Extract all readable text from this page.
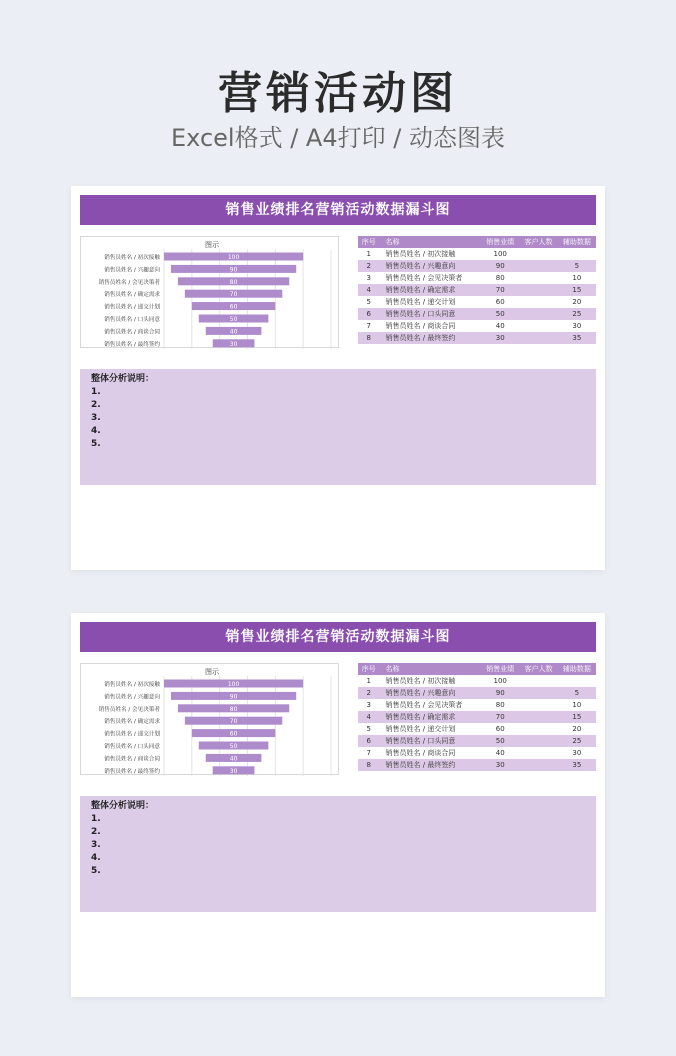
营销活动图
Excel格式 / A4打印 / 动态图表
销售业绩排名营销活动数据漏斗图
图示
100
销售员姓名 / 初次接触
90
销售员姓名 / 兴趣意向
80
销售员姓名 / 会见决策者
70
销售员姓名 / 确定需求
60
销售员姓名 / 递交计划
50
销售员姓名 / 口头同意
40
销售员姓名 / 商谈合同
30
销售员姓名 / 最终签约
序号	名称	销售业绩	客户人数	辅助数据
1	销售员姓名 / 初次接触	100		
2	销售员姓名 / 兴趣意向	90		5
3	销售员姓名 / 会见决策者	80		10
4	销售员姓名 / 确定需求	70		15
5	销售员姓名 / 递交计划	60		20
6	销售员姓名 / 口头同意	50		25
7	销售员姓名 / 商谈合同	40		30
8	销售员姓名 / 最终签约	30		35
整体分析说明：
1.
2.
3.
4.
5.
销售业绩排名营销活动数据漏斗图
图示
100
销售员姓名 / 初次接触
90
销售员姓名 / 兴趣意向
80
销售员姓名 / 会见决策者
70
销售员姓名 / 确定需求
60
销售员姓名 / 递交计划
50
销售员姓名 / 口头同意
40
销售员姓名 / 商谈合同
30
销售员姓名 / 最终签约
序号	名称	销售业绩	客户人数	辅助数据
1	销售员姓名 / 初次接触	100		
2	销售员姓名 / 兴趣意向	90		5
3	销售员姓名 / 会见决策者	80		10
4	销售员姓名 / 确定需求	70		15
5	销售员姓名 / 递交计划	60		20
6	销售员姓名 / 口头同意	50		25
7	销售员姓名 / 商谈合同	40		30
8	销售员姓名 / 最终签约	30		35
整体分析说明：
1.
2.
3.
4.
5.
